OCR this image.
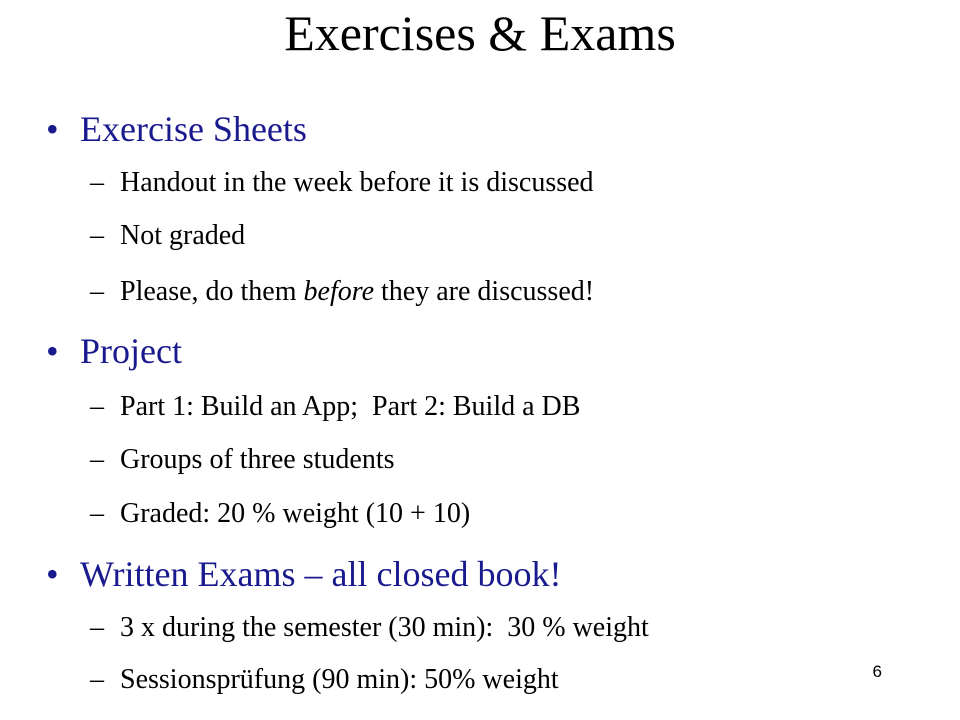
Exercises & Exams
• Exercise Sheets
– Handout in the week before it is discussed
– Not graded
– Please, do them before they are discussed!
• Project
– Part 1: Build an App;  Part 2: Build a DB
– Groups of three students
– Graded: 20 % weight (10 + 10)
• Written Exams – all closed book!
– 3 x during the semester (30 min):  30 % weight
– Sessionsprüfung (90 min): 50% weight	6
